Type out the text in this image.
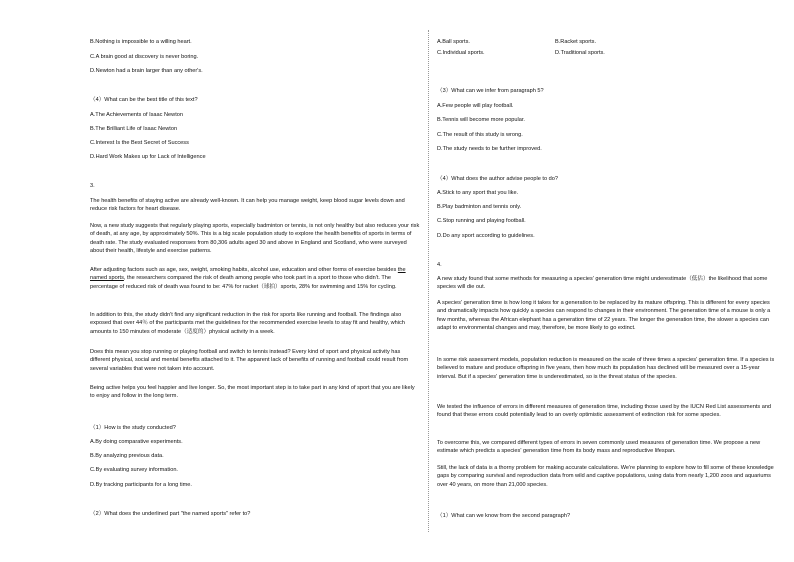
B.Nothing is impossible to a willing heart.

C.A brain good at discovery is never boring.

D.Newton had a brain larger than any other's.

（4）What can be the best title of this text?

A.The Achievements of Isaac Newton

B.The Brilliant Life of Isaac Newton

C.Interest Is the Best Secret of Success

D.Hard Work Makes up for Lack of Intelligence

3.

The health benefits of staying active are already well-known. It can help you manage weight, keep blood sugar levels down and reduce risk factors for heart disease.

Now, a new study suggests that regularly playing sports, especially badminton or tennis, is not only healthy but also reduces your risk of death, at any age, by approximately 50%. This is a big scale population study to explore the health benefits of sports in terms of death rate. The study evaluated responses from 80,306 adults aged 30 and above in England and Scotland, who were surveyed about their health, lifestyle and exercise patterns.

After adjusting factors such as age, sex, weight, smoking habits, alcohol use, education and other forms of exercise besides the named sports, the researchers compared the risk of death among people who took part in a sport to those who didn't. The percentage of reduced risk of death was found to be: 47% for racket（球拍）sports, 28% for swimming and 15% for cycling.

In addition to this, the study didn't find any significant reduction in the risk for sports like running and football. The findings also exposed that over 44％ of the participants met the guidelines for the recommended exercise levels to stay fit and healthy, which amounts to 150 minutes of moderate（适度的）physical activity in a week.

Does this mean you stop running or playing football and switch to tennis instead? Every kind of sport and physical activity has different physical, social and mental benefits attached to it. The apparent lack of benefits of running and football could result from several variables that were not taken into account.

Being active helps you feel happier and live longer. So, the most important step is to take part in any kind of sport that you are likely to enjoy and follow in the long term.

（1）How is the study conducted?

A.By doing comparative experiments.

B.By analyzing previous data.

C.By evaluating survey information.

D.By tracking participants for a long time.

（2）What does the underlined part "the named sports" refer to?

A.Ball sports.	B.Racket sports.
C.Individual sports.	D.Traditional sports.

（3）What can we infer from paragraph 5?

A.Few people will play football.

B.Tennis will become more popular.

C.The result of this study is wrong.

D.The study needs to be further improved.

（4）What does the author advise people to do?

A.Stick to any sport that you like.

B.Play badminton and tennis only.

C.Stop running and playing football.

D.Do any sport according to guidelines.

4.

A new study found that some methods for measuring a species' generation time might underestimate（低估）the likelihood that some species will die out.

A species' generation time is how long it takes for a generation to be replaced by its mature offspring. This is different for every species and dramatically impacts how quickly a species can respond to changes in their environment. The generation time of a mouse is only a few months, whereas the African elephant has a generation time of 22 years. The longer the generation time, the slower a species can adapt to environmental changes and may, therefore, be more likely to go extinct.

In some risk assessment models, population reduction is measured on the scale of three times a species' generation time. If a species is believed to mature and produce offspring in five years, then how much its population has declined will be measured over a 15-year interval. But if a species' generation time is underestimated, so is the threat status of the species.

We tested the influence of errors in different measures of generation time, including those used by the IUCN Red List assessments and found that these errors could potentially lead to an overly optimistic assessment of extinction risk for some species.

To overcome this, we compared different types of errors in seven commonly used measures of generation time. We propose a new estimate which predicts a species' generation time from its body mass and reproductive lifespan.

Still, the lack of data is a thorny problem for making accurate calculations. We're planning to explore how to fill some of these knowledge gaps by comparing survival and reproduction data from wild and captive populations, using data from nearly 1,200 zoos and aquariums over 40 years, on more than 21,000 species.

（1）What can we know from the second paragraph?
